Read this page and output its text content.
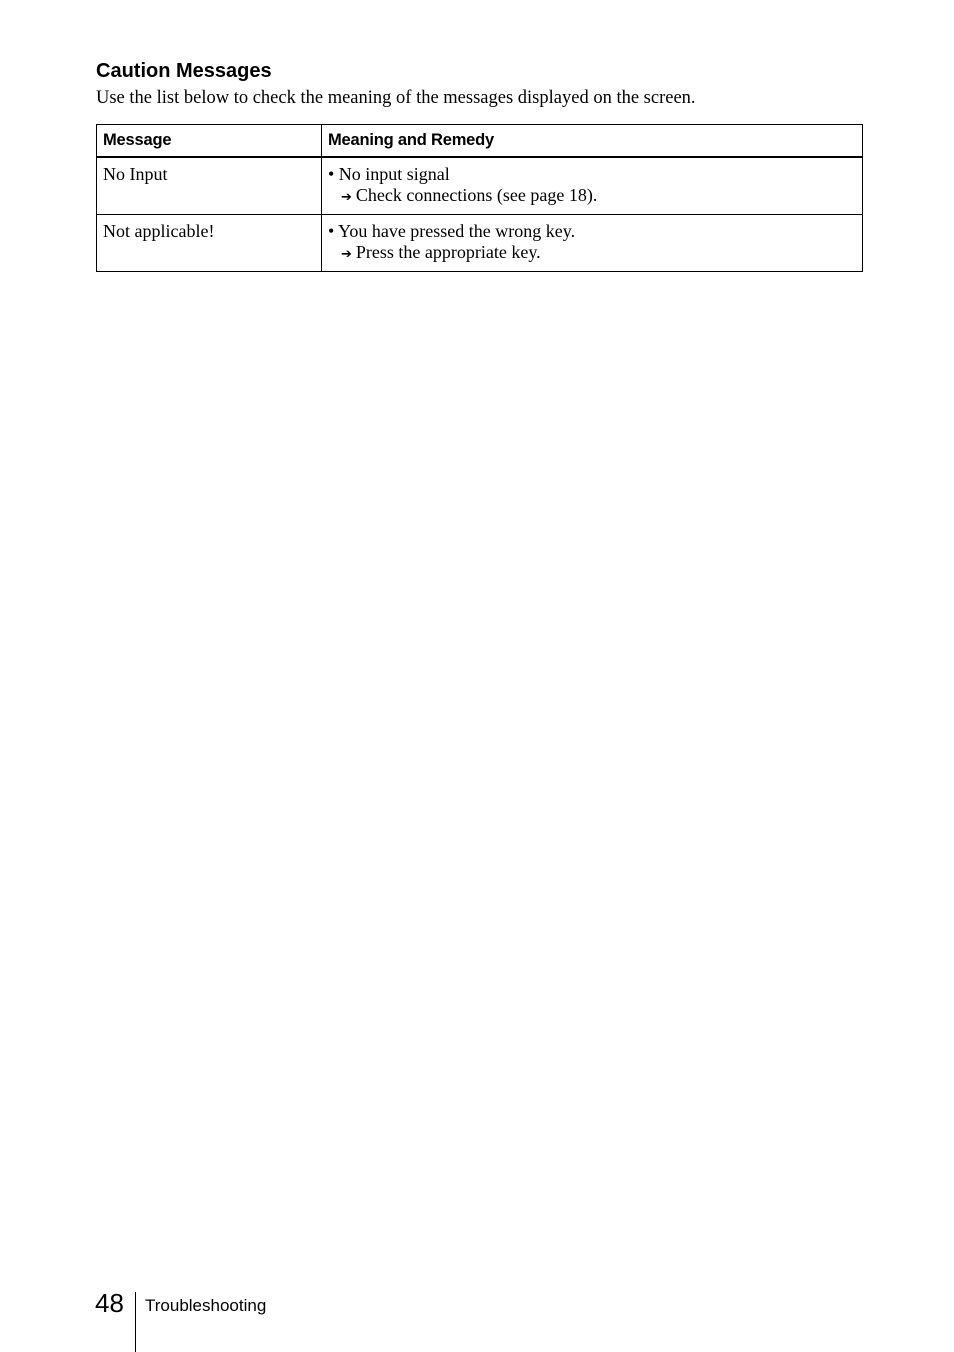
Caution Messages
Use the list below to check the meaning of the messages displayed on the screen.
Message	Meaning and Remedy
No Input	• No input signal
➔ Check connections (see page 18).

Not applicable!	• You have pressed the wrong key.
➔ Press the appropriate key.
48 Troubleshooting
